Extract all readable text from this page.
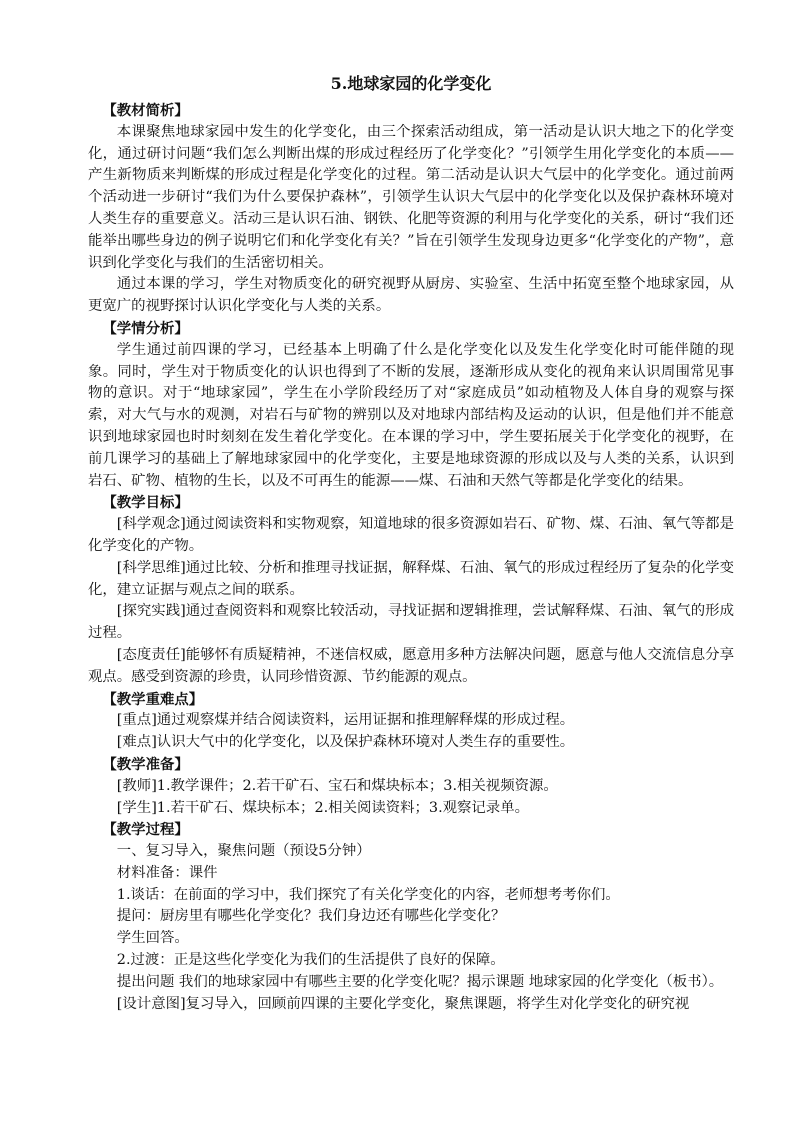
5.地球家园的化学变化

【教材简析】

本课聚焦地球家园中发生的化学变化，由三个探索活动组成，第一活动是认识大地之下的化学变化，通过研讨问题“我们怎么判断出煤的形成过程经历了化学变化？”引领学生用化学变化的本质——产生新物质来判断煤的形成过程是化学变化的过程。第二活动是认识大气层中的化学变化。通过前两个活动进一步研讨“我们为什么要保护森林”，引领学生认识大气层中的化学变化以及保护森林环境对人类生存的重要意义。活动三是认识石油、钢铁、化肥等资源的利用与化学变化的关系，研讨“我们还能举出哪些身边的例子说明它们和化学变化有关？”旨在引领学生发现身边更多“化学变化的产物”，意识到化学变化与我们的生活密切相关。

通过本课的学习，学生对物质变化的研究视野从厨房、实验室、生活中拓宽至整个地球家园，从更宽广的视野探讨认识化学变化与人类的关系。

【学情分析】

学生通过前四课的学习，已经基本上明确了什么是化学变化以及发生化学变化时可能伴随的现象。同时，学生对于物质变化的认识也得到了不断的发展，逐渐形成从变化的视角来认识周围常见事物的意识。对于“地球家园”，学生在小学阶段经历了对“家庭成员”如动植物及人体自身的观察与探索，对大气与水的观测，对岩石与矿物的辨别以及对地球内部结构及运动的认识，但是他们并不能意识到地球家园也时时刻刻在发生着化学变化。在本课的学习中，学生要拓展关于化学变化的视野，在前几课学习的基础上了解地球家园中的化学变化，主要是地球资源的形成以及与人类的关系，认识到岩石、矿物、植物的生长，以及不可再生的能源——煤、石油和天然气等都是化学变化的结果。

【教学目标】

[科学观念]通过阅读资料和实物观察，知道地球的很多资源如岩石、矿物、煤、石油、氧气等都是化学变化的产物。

[科学思维]通过比较、分析和推理寻找证据，解释煤、石油、氧气的形成过程经历了复杂的化学变化，建立证据与观点之间的联系。

[探究实践]通过查阅资料和观察比较活动，寻找证据和逻辑推理，尝试解释煤、石油、氧气的形成过程。

[态度责任]能够怀有质疑精神，不迷信权威，愿意用多种方法解决问题，愿意与他人交流信息分享观点。感受到资源的珍贵，认同珍惜资源、节约能源的观点。

【教学重难点】

[重点]通过观察煤并结合阅读资料，运用证据和推理解释煤的形成过程。

[难点]认识大气中的化学变化，以及保护森林环境对人类生存的重要性。

【教学准备】

[教师]1.教学课件；2.若干矿石、宝石和煤块标本；3.相关视频资源。

[学生]1.若干矿石、煤块标本；2.相关阅读资料；3.观察记录单。

【教学过程】

一、复习导入，聚焦问题（预设5分钟）

材料准备：课件

1.谈话：在前面的学习中，我们探究了有关化学变化的内容，老师想考考你们。

提问：厨房里有哪些化学变化？我们身边还有哪些化学变化？

学生回答。

2.过渡：正是这些化学变化为我们的生活提供了良好的保障。

提出问题 我们的地球家园中有哪些主要的化学变化呢？揭示课题 地球家园的化学变化（板书）。

[设计意图]复习导入，回顾前四课的主要化学变化，聚焦课题，将学生对化学变化的研究视
